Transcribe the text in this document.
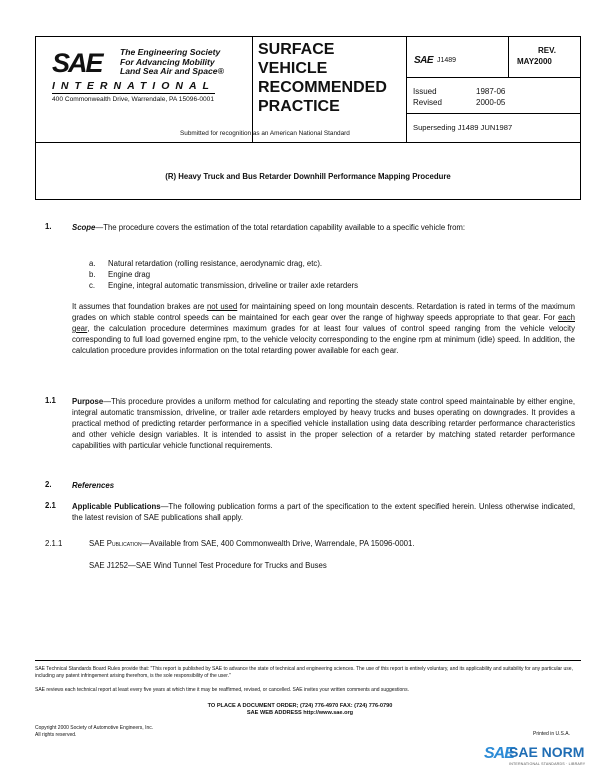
SAE The Engineering Society
For Advancing Mobility
Land Sea Air and Space®
INTERNATIONAL
400 Commonwealth Drive, Warrendale, PA 15096-0001
SURFACE
VEHICLE
RECOMMENDED
PRACTICE
Submitted for recognition as an American National Standard
SAE J1489
REV.
MAY2000
Issued	1987-06
Revised	2000-05
Superseding J1489 JUN1987
(R) Heavy Truck and Bus Retarder Downhill Performance Mapping Procedure
1.	Scope—The procedure covers the estimation of the total retardation capability available to a specific vehicle from:
a. Natural retardation (rolling resistance, aerodynamic drag, etc).
b. Engine drag
c. Engine, integral automatic transmission, driveline or trailer axle retarders
It assumes that foundation brakes are not used for maintaining speed on long mountain descents. Retardation is rated in terms of the maximum grades on which stable control speeds can be maintained for each gear over the range of highway speeds appropriate to that gear. For each gear, the calculation procedure determines maximum grades for at least four values of control speed ranging from the vehicle velocity corresponding to full load governed engine rpm, to the vehicle velocity corresponding to the engine rpm at minimum (idle) speed. In addition, the calculation procedure provides information on the total retarding power available for each gear.
1.1 Purpose—This procedure provides a uniform method for calculating and reporting the steady state control speed maintainable by either engine, integral automatic transmission, driveline, or trailer axle retarders employed by heavy trucks and buses operating on downgrades. It provides a practical method of predicting retarder performance in a specified vehicle installation using data describing retarder performance characteristics and other vehicle design variables. It is intended to assist in the proper selection of a retarder by matching stated retarder performance capabilities with particular vehicle functional requirements.
2.	References
2.1 Applicable Publications—The following publication forms a part of the specification to the extent specified herein. Unless otherwise indicated, the latest revision of SAE publications shall apply.
2.1.1	SAE Publication—Available from SAE, 400 Commonwealth Drive, Warrendale, PA 15096-0001.
SAE J1252—SAE Wind Tunnel Test Procedure for Trucks and Buses
SAE Technical Standards Board Rules provide that: "This report is published by SAE to advance the state of technical and engineering sciences. The use of this report is entirely voluntary, and its applicability and suitability for any particular use, including any patent infringement arising therefrom, is the sole responsibility of the user."
SAE reviews each technical report at least every five years at which time it may be reaffirmed, revised, or cancelled. SAE invites your written comments and suggestions.
TO PLACE A DOCUMENT ORDER; (724) 776-4970 FAX: (724) 776-0790
SAE WEB ADDRESS http://www.sae.org
Copyright 2000 Society of Automotive Engineers, Inc.
All rights reserved.	Printed in U.S.A.
SAE
SAE NORM
INTERNATIONAL STANDARDS · LIBRARY
